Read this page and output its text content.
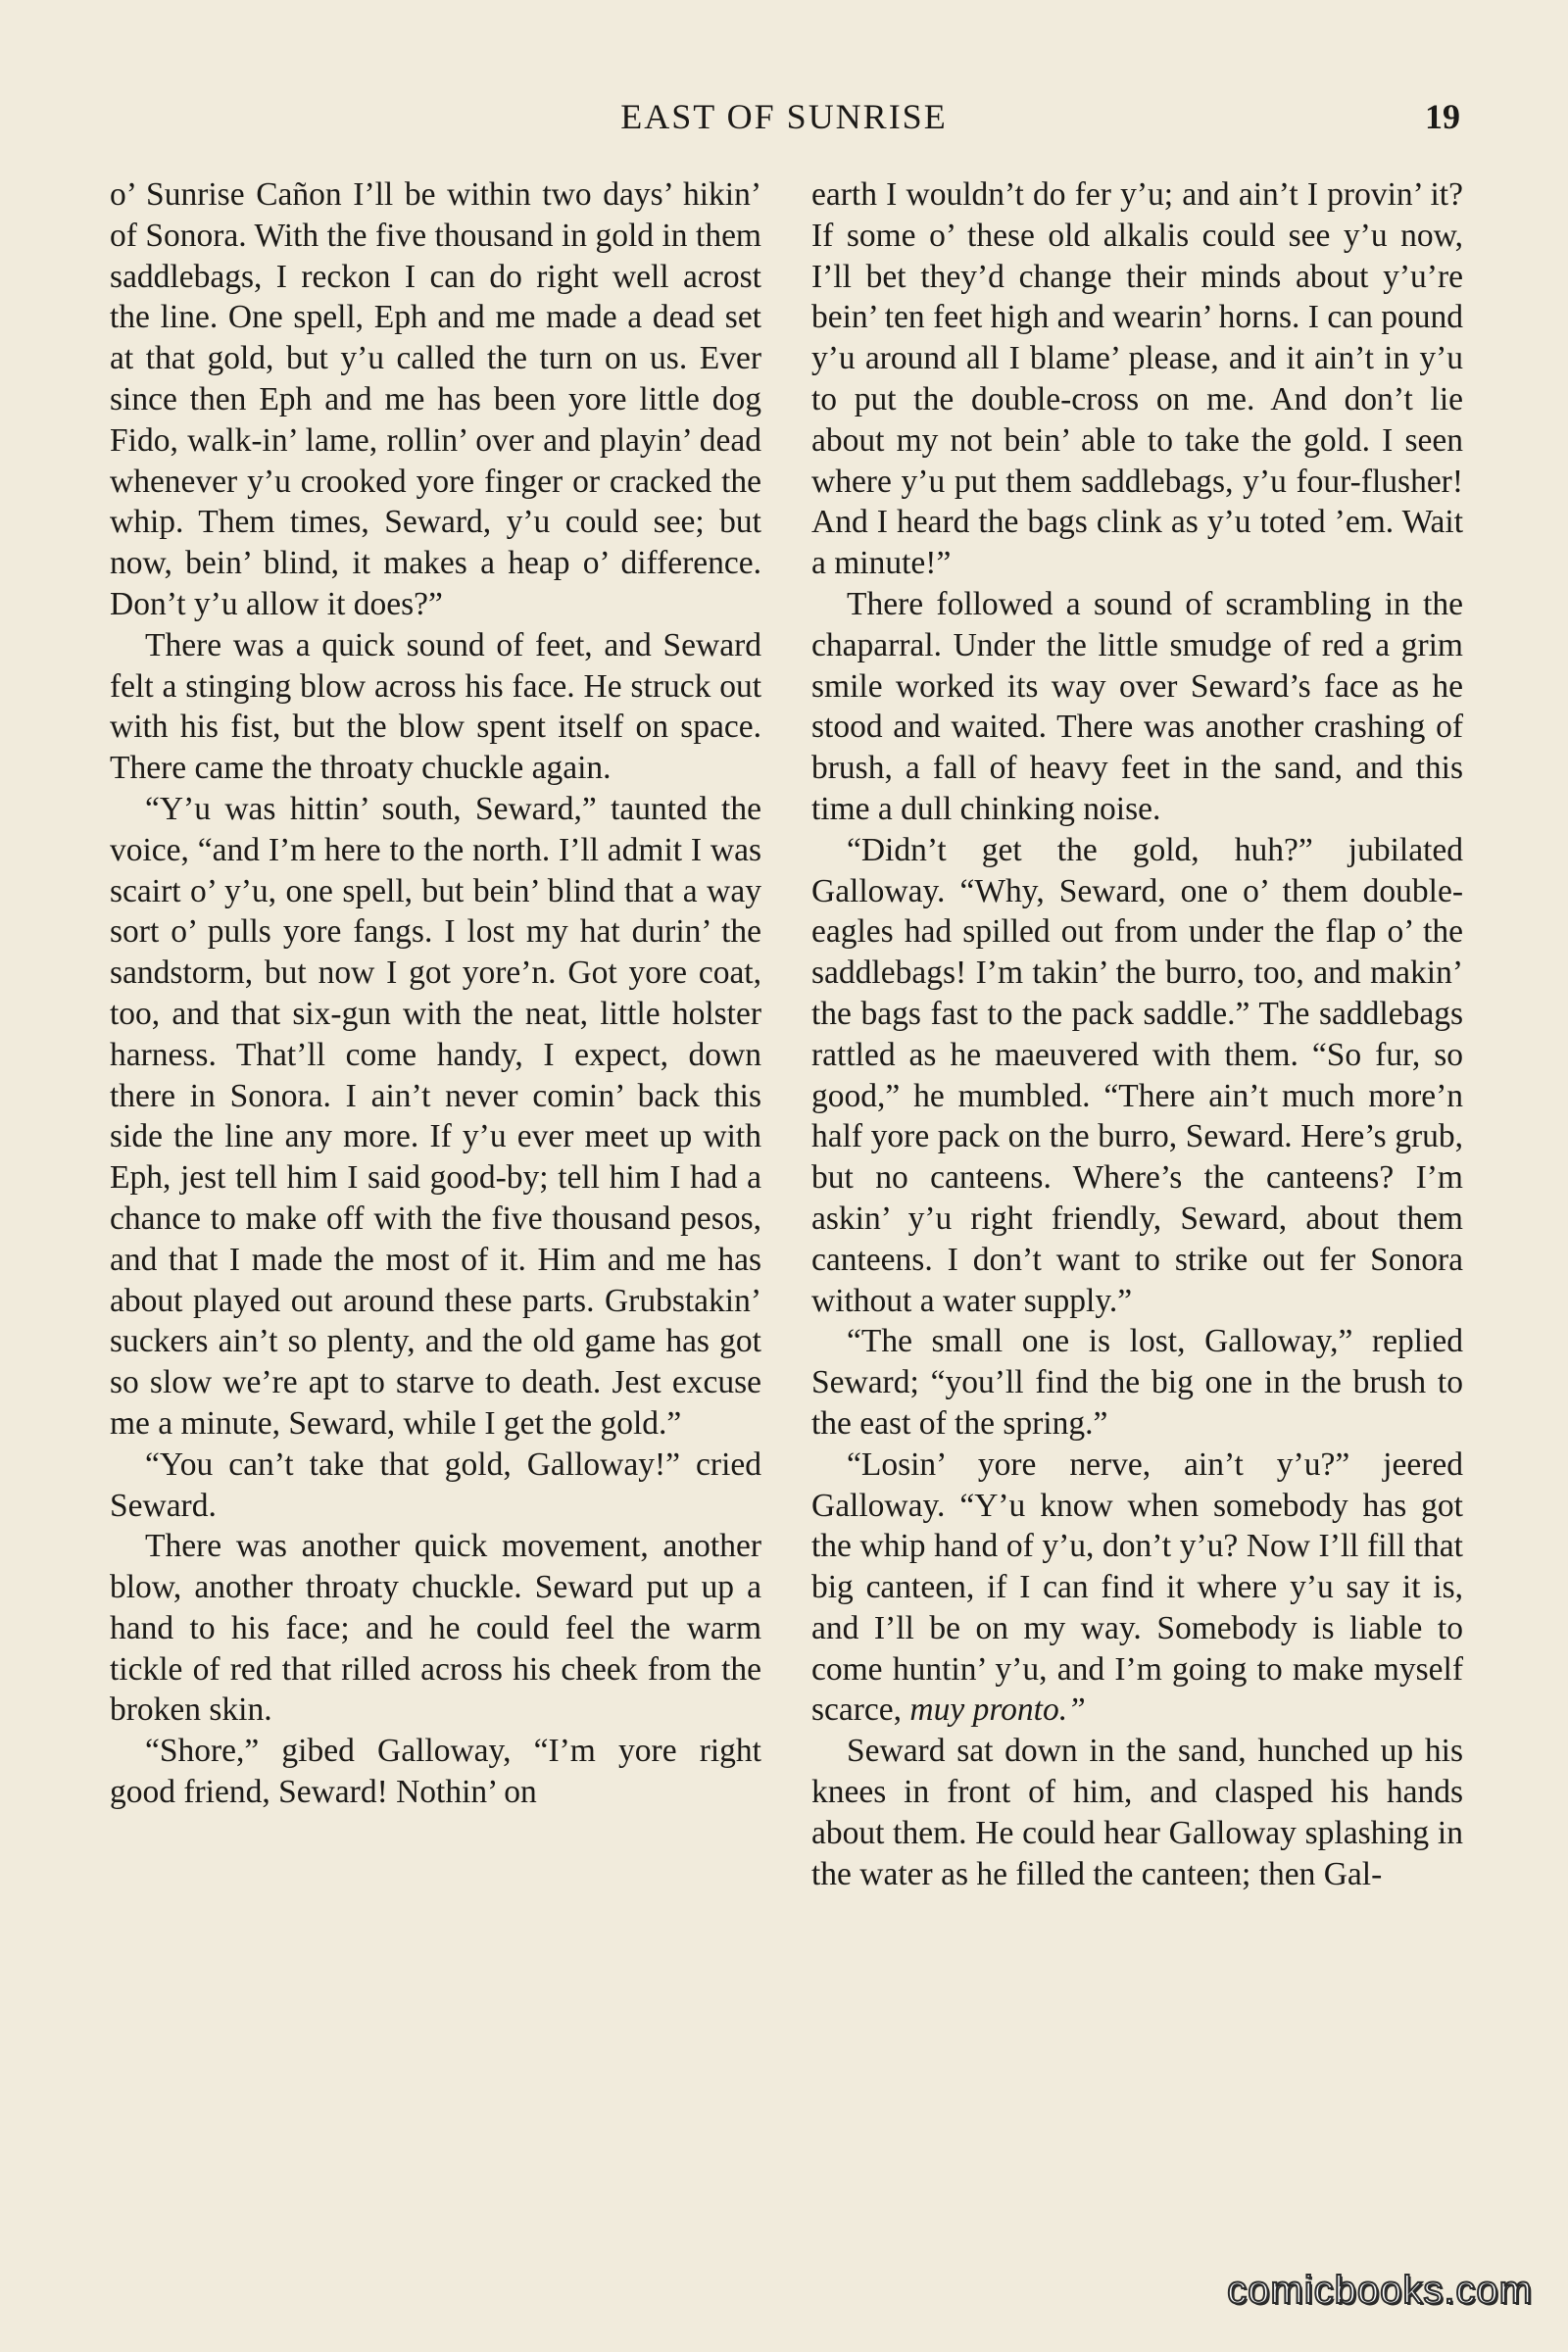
EAST OF SUNRISE	19

o’ Sunrise Cañon I’ll be within two days’ hikin’ of Sonora. With the five thousand in gold in them saddlebags, I reckon I can do right well acrost the line. One spell, Eph and me made a dead set at that gold, but y’u called the turn on us. Ever since then Eph and me has been yore little dog Fido, walk-in’ lame, rollin’ over and playin’ dead whenever y’u crooked yore finger or cracked the whip. Them times, Seward, y’u could see; but now, bein’ blind, it makes a heap o’ difference. Don’t y’u allow it does?”

There was a quick sound of feet, and Seward felt a stinging blow across his face. He struck out with his fist, but the blow spent itself on space. There came the throaty chuckle again.

“Y’u was hittin’ south, Seward,” taunted the voice, “and I’m here to the north. I’ll admit I was scairt o’ y’u, one spell, but bein’ blind that a way sort o’ pulls yore fangs. I lost my hat durin’ the sandstorm, but now I got yore’n. Got yore coat, too, and that six-gun with the neat, little holster harness. That’ll come handy, I expect, down there in Sonora. I ain’t never comin’ back this side the line any more. If y’u ever meet up with Eph, jest tell him I said good-by; tell him I had a chance to make off with the five thousand pesos, and that I made the most of it. Him and me has about played out around these parts. Grubstakin’ suckers ain’t so plenty, and the old game has got so slow we’re apt to starve to death. Jest excuse me a minute, Seward, while I get the gold.”

“You can’t take that gold, Galloway!” cried Seward.

There was another quick movement, another blow, another throaty chuckle. Seward put up a hand to his face; and he could feel the warm tickle of red that rilled across his cheek from the broken skin.

“Shore,” gibed Galloway, “I’m yore right good friend, Seward! Nothin’ on

earth I wouldn’t do fer y’u; and ain’t I provin’ it? If some o’ these old alkalis could see y’u now, I’ll bet they’d change their minds about y’u’re bein’ ten feet high and wearin’ horns. I can pound y’u around all I blame’ please, and it ain’t in y’u to put the double-cross on me. And don’t lie about my not bein’ able to take the gold. I seen where y’u put them saddlebags, y’u four-flusher! And I heard the bags clink as y’u toted ’em. Wait a minute!”

There followed a sound of scrambling in the chaparral. Under the little smudge of red a grim smile worked its way over Seward’s face as he stood and waited. There was another crashing of brush, a fall of heavy feet in the sand, and this time a dull chinking noise.

“Didn’t get the gold, huh?” jubilated Galloway. “Why, Seward, one o’ them double-eagles had spilled out from under the flap o’ the saddlebags! I’m takin’ the burro, too, and makin’ the bags fast to the pack saddle.” The saddlebags rattled as he maeuvered with them. “So fur, so good,” he mumbled. “There ain’t much more’n half yore pack on the burro, Seward. Here’s grub, but no canteens. Where’s the canteens? I’m askin’ y’u right friendly, Seward, about them canteens. I don’t want to strike out fer Sonora without a water supply.”

“The small one is lost, Galloway,” replied Seward; “you’ll find the big one in the brush to the east of the spring.”

“Losin’ yore nerve, ain’t y’u?” jeered Galloway. “Y’u know when somebody has got the whip hand of y’u, don’t y’u? Now I’ll fill that big canteen, if I can find it where y’u say it is, and I’ll be on my way. Somebody is liable to come huntin’ y’u, and I’m going to make myself scarce, muy pronto.”

Seward sat down in the sand, hunched up his knees in front of him, and clasped his hands about them. He could hear Galloway splashing in the water as he filled the canteen; then Gal-

comicbooks.com
